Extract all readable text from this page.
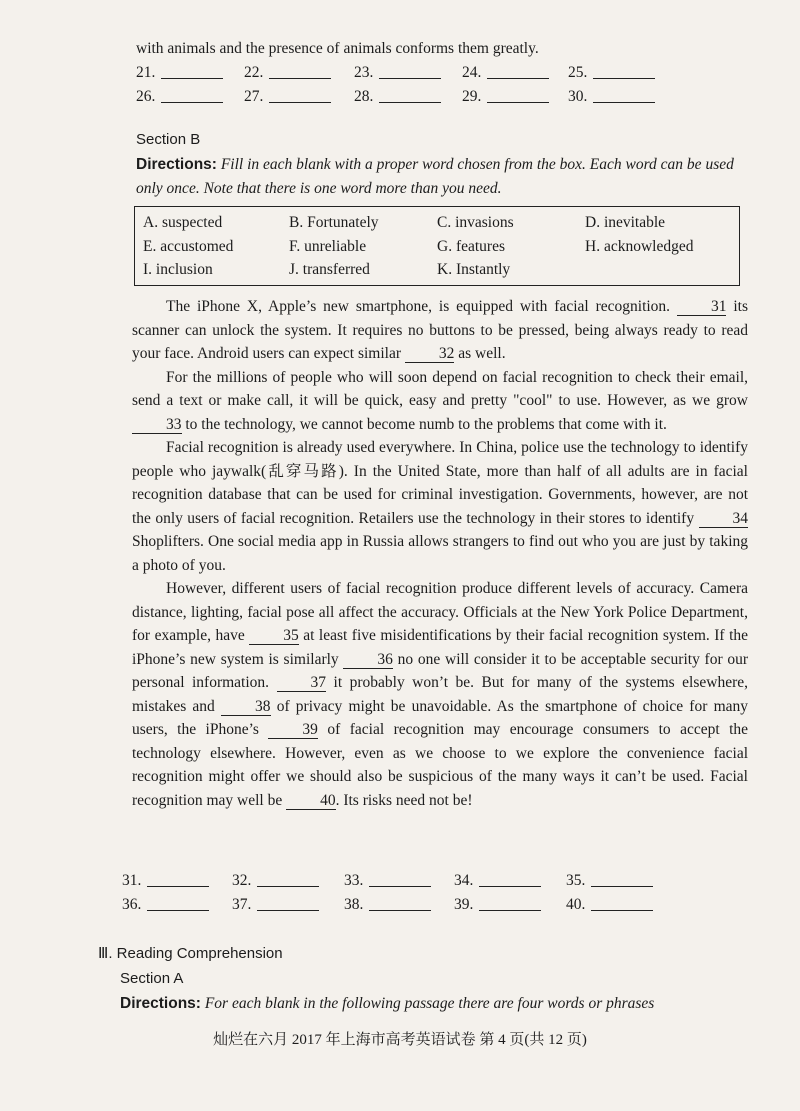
with animals and the presence of animals conforms them greatly.
21.	22.	23.	24.	25.
26.	27.	28.	29.	30.
Section B
Directions: Fill in each blank with a proper word chosen from the box. Each word can be used only once. Note that there is one word more than you need.
A. suspected	B. Fortunately	C. invasions	D. inevitable
E. accustomed	F. unreliable	G. features	H. acknowledged
I. inclusion	J. transferred	K. Instantly

The iPhone X, Apple’s new smartphone, is equipped with facial recognition.	31 its scanner can unlock the system. It requires no buttons to be pressed, being always ready to read your face. Android users can expect similar 32 as well.

For the millions of people who will soon depend on facial recognition to check their email, send a text or make call, it will be quick, easy and pretty "cool" to use. However, as we grow 33 to the technology, we cannot become numb to the problems that come with it.

Facial recognition is already used everywhere. In China, police use the technology to identify people who jaywalk(乱穿马路). In the United State, more than half of all adults are in facial recognition database that can be used for criminal investigation. Governments, however, are not the only users of facial recognition. Retailers use the technology in their stores to identify 34 Shoplifters. One social media app in Russia allows strangers to find out who you are just by taking a photo of you.

However, different users of facial recognition produce different levels of accuracy. Camera distance, lighting, facial pose all affect the accuracy. Officials at the New York Police Department, for example, have 35 at least five misidentifications by their facial recognition system. If the iPhone’s new system is similarly	36 no one will consider it to be acceptable security for our personal information.	37 it probably won’t be. But for many of the systems elsewhere, mistakes and	38 of privacy might be unavoidable. As the smartphone of choice for many users, the iPhone’s	39 of facial recognition may encourage consumers to accept the technology elsewhere. However, even as we choose to we explore the convenience facial recognition might offer we should also be suspicious of the many ways it can’t be used. Facial recognition may well be 40. Its risks need not be!

31.	32.	33.	34.	35.
36.	37.	38.	39.	40.
Ⅲ. Reading Comprehension
Section A
Directions: For each blank in the following passage there are four words or phrases
灿烂在六月 2017 年上海市高考英语试卷 第 4 页(共 12 页)
